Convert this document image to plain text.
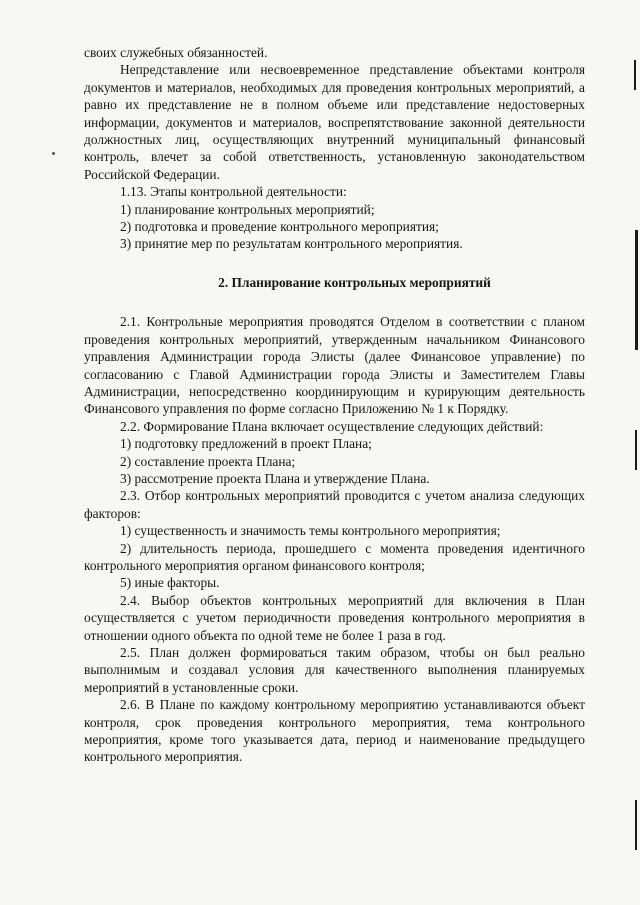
своих служебных обязанностей.

Непредставление или несвоевременное представление объектами контроля документов и материалов, необходимых для проведения контрольных мероприятий, а равно их представление не в полном объеме или представление недостоверных информации, документов и материалов, воспрепятствование законной деятельности должностных лиц, осуществляющих внутренний муниципальный финансовый контроль, влечет за собой ответственность, установленную законодательством Российской Федерации.

1.13. Этапы контрольной деятельности:

1) планирование контрольных мероприятий;

2) подготовка и проведение контрольного мероприятия;

3) принятие мер по результатам контрольного мероприятия.

2. Планирование контрольных мероприятий

2.1. Контрольные мероприятия проводятся Отделом в соответствии с планом проведения контрольных мероприятий, утвержденным начальником Финансового управления Администрации города Элисты (далее Финансовое управление) по согласованию с Главой Администрации города Элисты и Заместителем Главы Администрации, непосредственно координирующим и курирующим деятельность Финансового управления по форме согласно Приложению № 1 к Порядку.

2.2. Формирование Плана включает осуществление следующих действий:

1) подготовку предложений в проект Плана;

2) составление проекта Плана;

3) рассмотрение проекта Плана и утверждение Плана.

2.3. Отбор контрольных мероприятий проводится с учетом анализа следующих факторов:

1) существенность и значимость темы контрольного мероприятия;

2) длительность периода, прошедшего с момента проведения идентичного контрольного мероприятия органом финансового контроля;

5) иные факторы.

2.4. Выбор объектов контрольных мероприятий для включения в План осуществляется с учетом периодичности проведения контрольного мероприятия в отношении одного объекта по одной теме не более 1 раза в год.

2.5. План должен формироваться таким образом, чтобы он был реально выполнимым и создавал условия для качественного выполнения планируемых мероприятий в установленные сроки.

2.6. В Плане по каждому контрольному мероприятию устанавливаются объект контроля, срок проведения контрольного мероприятия, тема контрольного мероприятия, кроме того указывается дата, период и наименование предыдущего контрольного мероприятия.
